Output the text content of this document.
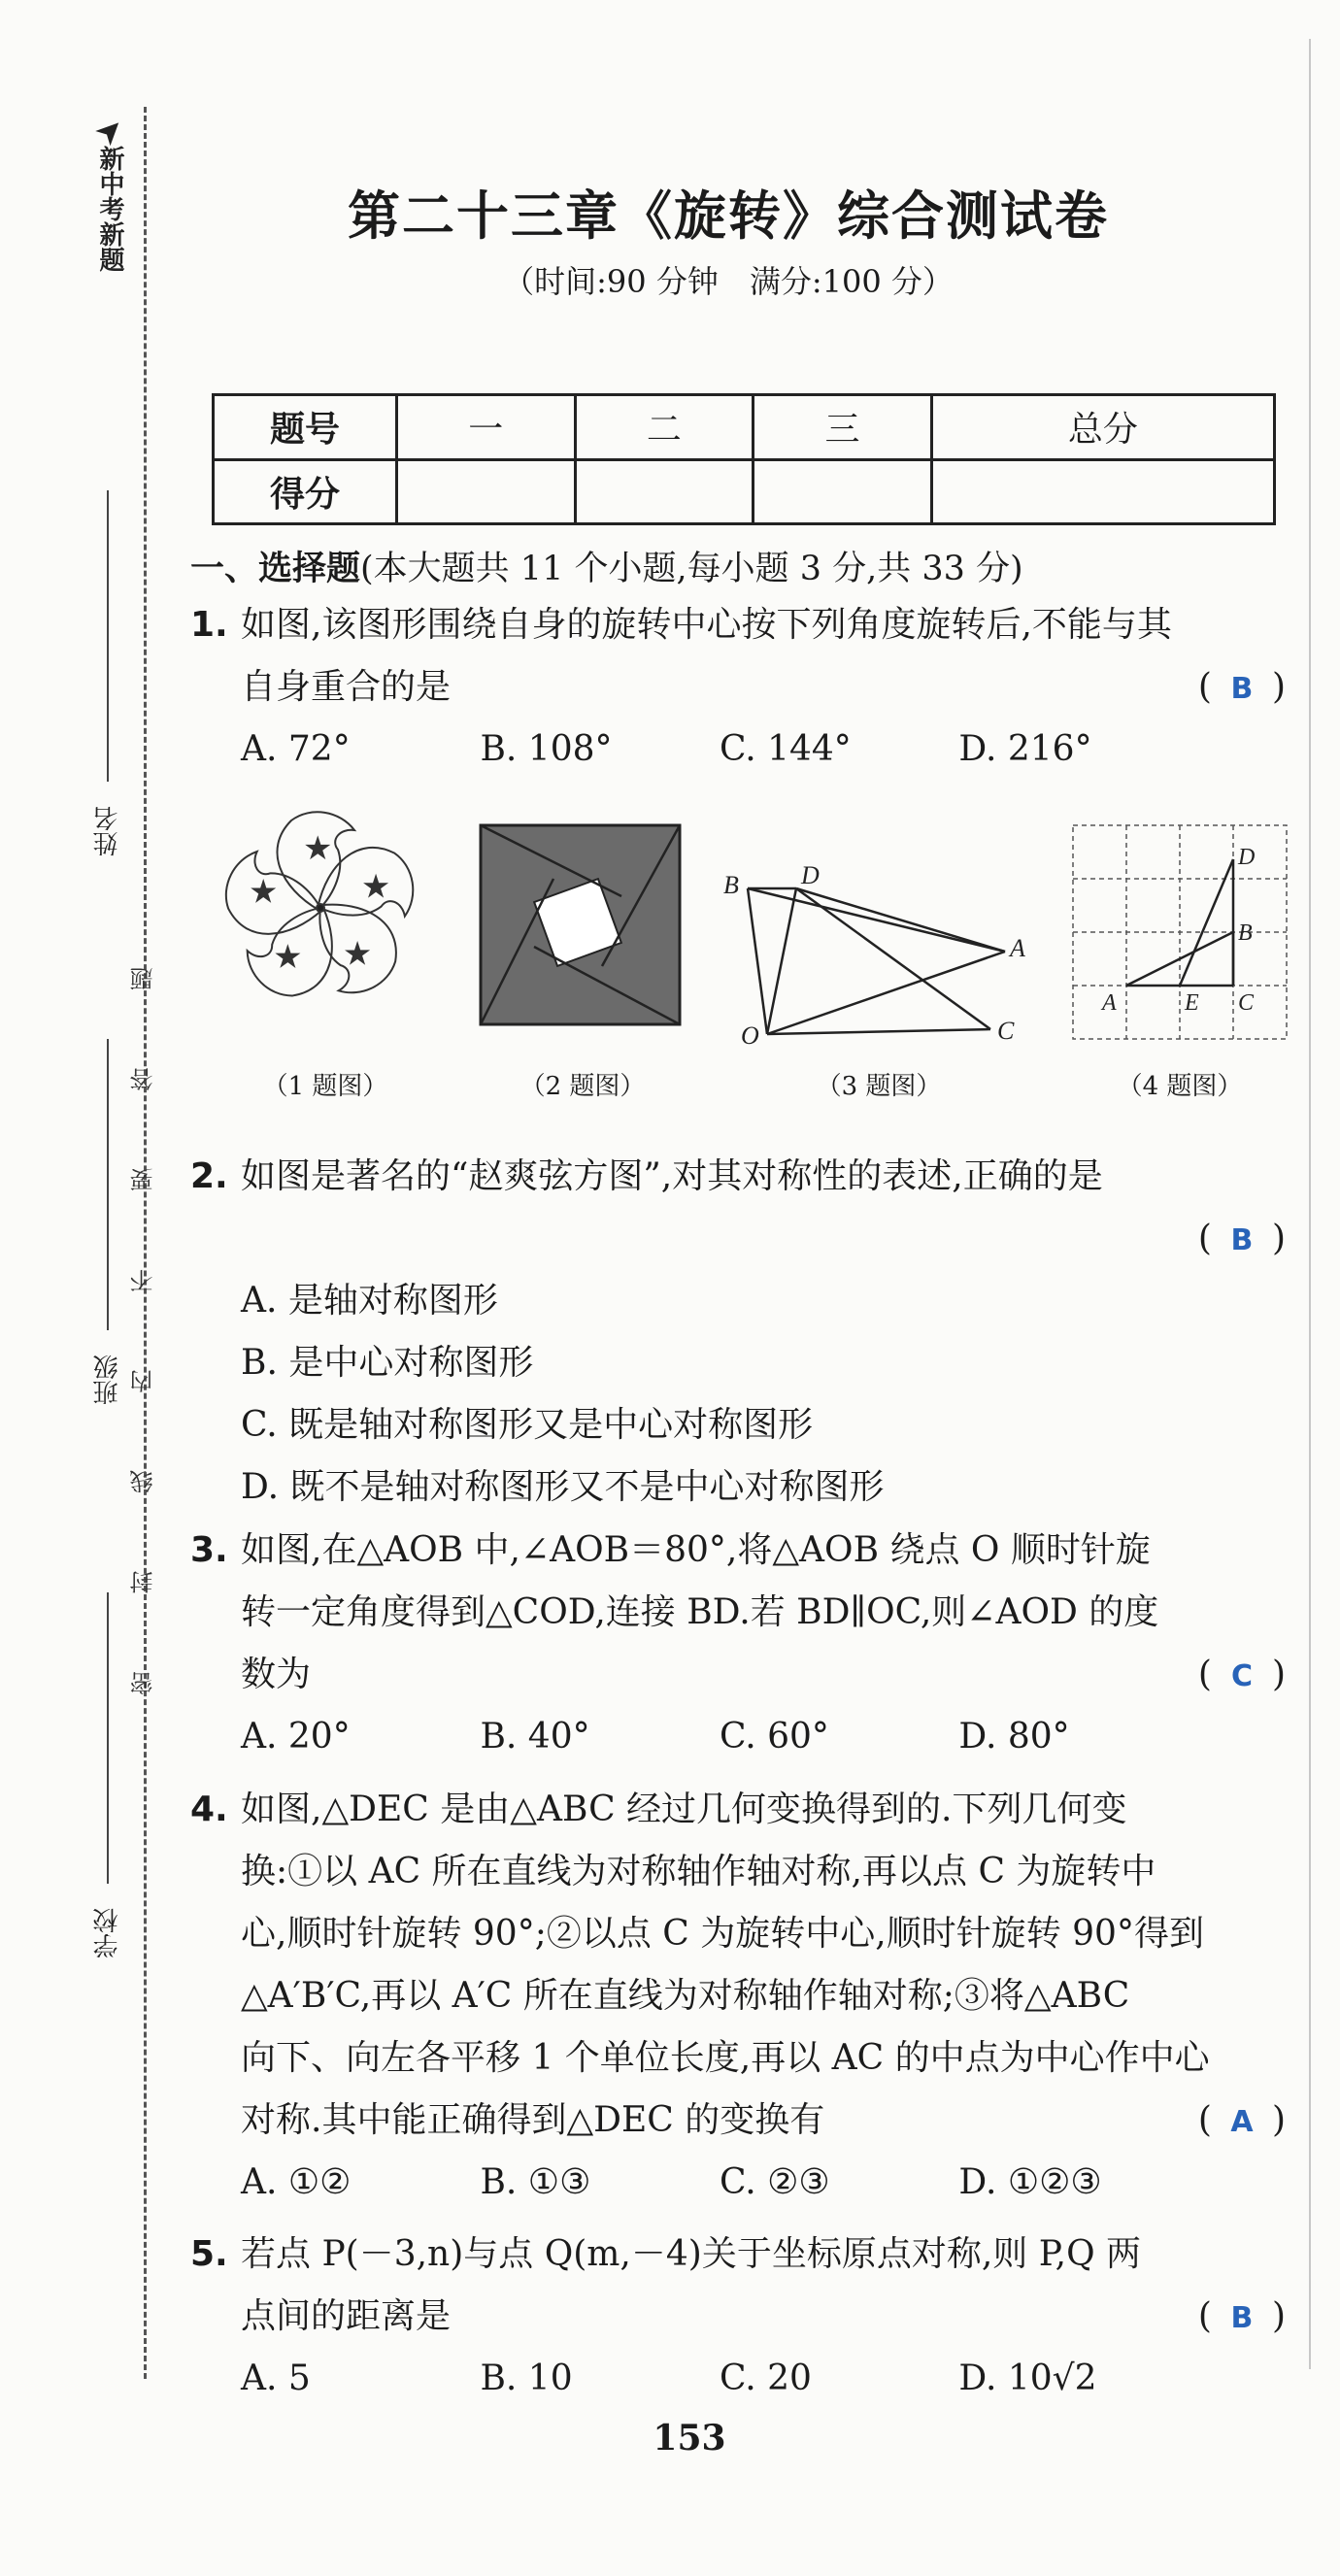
➤
新中考新题
姓名
班级
学校
密 封 线 内 不 要 答 题
第二十三章《旋转》综合测试卷
（时间:90 分钟　满分:100 分）
题号	一	二	三	总分
得分				
一、选择题(本大题共 11 个小题,每小题 3 分,共 33 分)
1. 如图,该图形围绕自身的旋转中心按下列角度旋转后,不能与其
自身重合的是	( B )
A. 72°	B. 108°	C. 144°	D. 216°
★
★
★
★
★	B D
A
O	C
D
B
A	E C
（1 题图）	（2 题图）	（3 题图）	（4 题图）
2. 如图是著名的“赵爽弦方图”,对其对称性的表述,正确的是
( B )
A. 是轴对称图形
B. 是中心对称图形
C. 既是轴对称图形又是中心对称图形
D. 既不是轴对称图形又不是中心对称图形
3. 如图,在△AOB 中,∠AOB＝80°,将△AOB 绕点 O 顺时针旋
转一定角度得到△COD,连接 BD.若 BD∥OC,则∠AOD 的度
数为	( C )
A. 20°	B. 40°	C. 60°	D. 80°
4. 如图,△DEC 是由△ABC 经过几何变换得到的.下列几何变
换:①以 AC 所在直线为对称轴作轴对称,再以点 C 为旋转中
心,顺时针旋转 90°;②以点 C 为旋转中心,顺时针旋转 90°得到
△A′B′C,再以 A′C 所在直线为对称轴作轴对称;③将△ABC
向下、向左各平移 1 个单位长度,再以 AC 的中点为中心作中心
对称.其中能正确得到△DEC 的变换有	( A )
A. ①②	B. ①③	C. ②③	D. ①②③
5. 若点 P(－3,n)与点 Q(m,－4)关于坐标原点对称,则 P,Q 两
点间的距离是	( B )
A. 5	B. 10	C. 20	D. 10√2
153
